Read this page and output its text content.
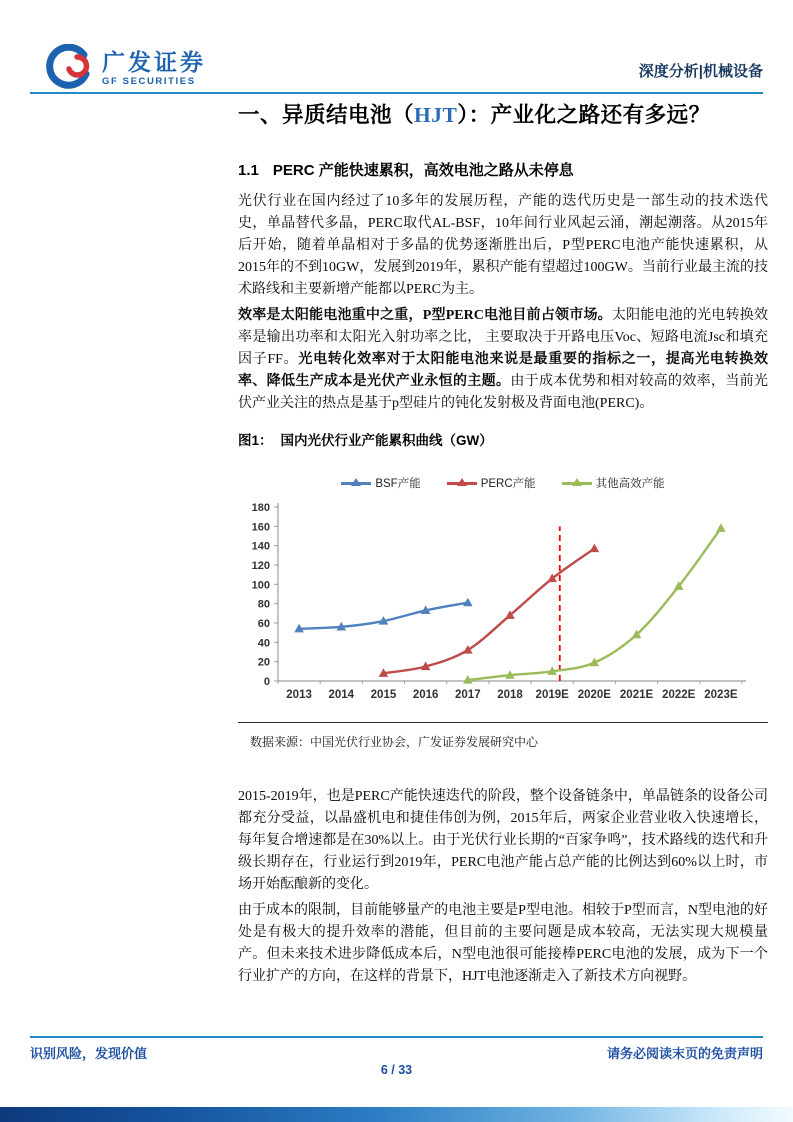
广发证券
GF SECURITIES
深度分析|机械设备
一、异质结电池（HJT）：产业化之路还有多远？
1.1 PERC 产能快速累积，高效电池之路从未停息

光伏行业在国内经过了10多年的发展历程，产能的迭代历史是一部生动的技术迭代史，单晶替代多晶，PERC取代AL-BSF，10年间行业风起云涌，潮起潮落。从2015年后开始，随着单晶相对于多晶的优势逐渐胜出后，P型PERC电池产能快速累积，从2015年的不到10GW，发展到2019年，累积产能有望超过100GW。当前行业最主流的技术路线和主要新增产能都以PERC为主。

效率是太阳能电池重中之重，P型PERC电池目前占领市场。太阳能电池的光电转换效率是输出功率和太阳光入射功率之比， 主要取决于开路电压Voc、短路电流Jsc和填充因子FF。光电转化效率对于太阳能电池来说是最重要的指标之一，提高光电转换效率、降低生产成本是光伏产业永恒的主题。由于成本优势和相对较高的效率，当前光伏产业关注的热点是基于p型硅片的钝化发射极及背面电池(PERC)。

图1： 国内光伏行业产能累积曲线（GW）
BSF产能	PERC产能	其他高效产能
0
20
40
60
80
100
120
140
160
180
2013 2014 2015 2016 2017 2018 2019E 2020E 2021E 2022E 2023E
数据来源：中国光伏行业协会，广发证券发展研究中心

2015-2019年，也是PERC产能快速迭代的阶段，整个设备链条中，单晶链条的设备公司都充分受益，以晶盛机电和捷佳伟创为例，2015年后，两家企业营业收入快速增长，每年复合增速都是在30%以上。由于光伏行业长期的“百家争鸣”，技术路线的迭代和升级长期存在，行业运行到2019年，PERC电池产能占总产能的比例达到60%以上时，市场开始酝酿新的变化。

由于成本的限制，目前能够量产的电池主要是P型电池。相较于P型而言，N型电池的好处是有极大的提升效率的潜能，但目前的主要问题是成本较高，无法实现大规模量产。但未来技术进步降低成本后，N型电池很可能接棒PERC电池的发展，成为下一个行业扩产的方向，在这样的背景下，HJT电池逐渐走入了新技术方向视野。

识别风险，发现价值	请务必阅读末页的免责声明
6 / 33
